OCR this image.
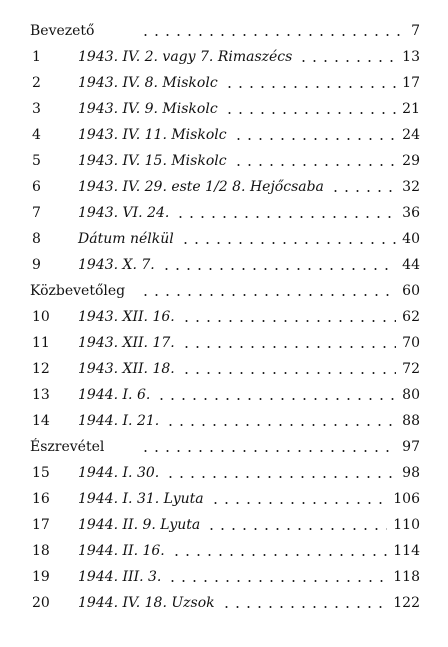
Bevezető	7
1	1943. IV. 2. vagy 7. Rimaszécs	13
2	1943. IV. 8. Miskolc	17
3	1943. IV. 9. Miskolc	21
4	1943. IV. 11. Miskolc	24
5	1943. IV. 15. Miskolc	29
6	1943. IV. 29. este 1/2 8. Hejőcsaba	32
7	1943. VI. 24.	36
8	Dátum nélkül	40
9	1943. X. 7.	44
Közbevetőleg	60
10	1943. XII. 16.	62
11	1943. XII. 17.	70
12	1943. XII. 18.	72
13	1944. I. 6.	80
14	1944. I. 21.	88
Észrevétel	97
15	1944. I. 30.	98
16	1944. I. 31. Lyuta	106
17	1944. II. 9. Lyuta	110
18	1944. II. 16.	114
19	1944. III. 3.	118
20	1944. IV. 18. Uzsok	122
